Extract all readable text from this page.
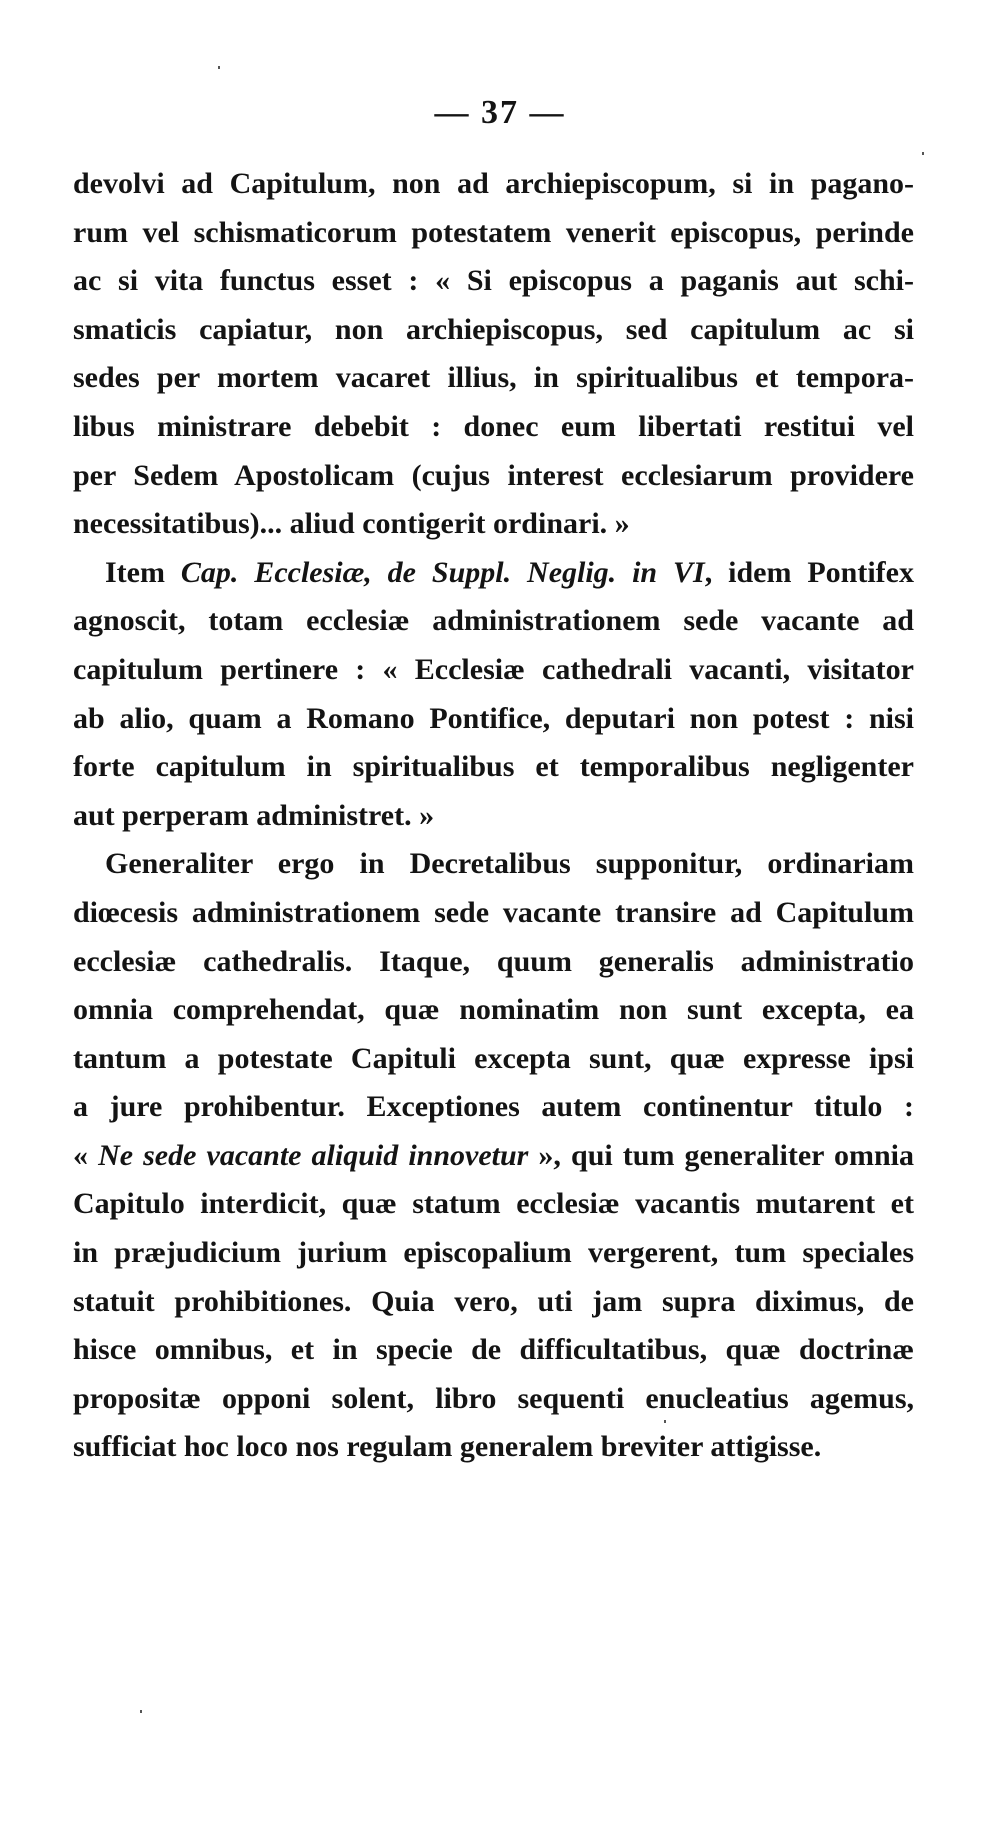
— 37 —
devolvi ad Capitulum, non ad archiepiscopum, si in pagano-
rum vel schismaticorum potestatem venerit episcopus, perinde
ac si vita functus esset : « Si episcopus a paganis aut schi-
smaticis capiatur, non archiepiscopus, sed capitulum ac si
sedes per mortem vacaret illius, in spiritualibus et tempora-
libus ministrare debebit : donec eum libertati restitui vel
per Sedem Apostolicam (cujus interest ecclesiarum providere
necessitatibus)... aliud contigerit ordinari. »
Item Cap. Ecclesiæ, de Suppl. Neglig. in VI, idem Pontifex
agnoscit, totam ecclesiæ administrationem sede vacante ad
capitulum pertinere : « Ecclesiæ cathedrali vacanti, visitator
ab alio, quam a Romano Pontifice, deputari non potest : nisi
forte capitulum in spiritualibus et temporalibus negligenter
aut perperam administret. »
Generaliter ergo in Decretalibus supponitur, ordinariam
diœcesis administrationem sede vacante transire ad Capitulum
ecclesiæ cathedralis. Itaque, quum generalis administratio
omnia comprehendat, quæ nominatim non sunt excepta, ea
tantum a potestate Capituli excepta sunt, quæ expresse ipsi
a jure prohibentur. Exceptiones autem continentur titulo :
« Ne sede vacante aliquid innovetur », qui tum generaliter omnia
Capitulo interdicit, quæ statum ecclesiæ vacantis mutarent et
in præjudicium jurium episcopalium vergerent, tum speciales
statuit prohibitiones. Quia vero, uti jam supra diximus, de
hisce omnibus, et in specie de difficultatibus, quæ doctrinæ
propositæ opponi solent, libro sequenti enucleatius agemus,
sufficiat hoc loco nos regulam generalem breviter attigisse.
